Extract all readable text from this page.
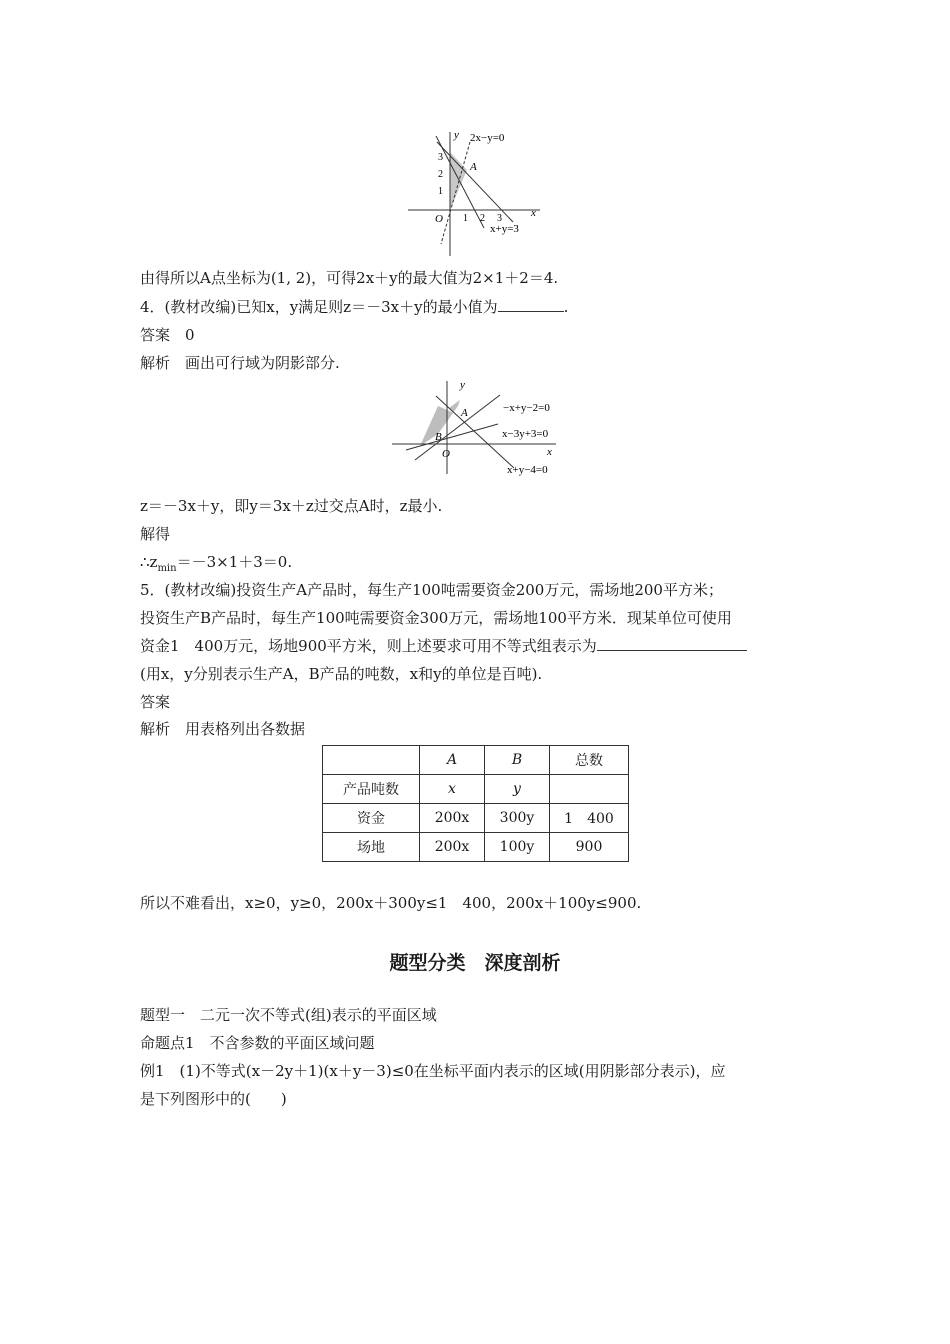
y
x
O
A
2x−y=0
x+y=3
1 2 3
1
2
3
由得所以A点坐标为(1, 2)，可得2x＋y的最大值为2×1＋2＝4.
4．(教材改编)已知x，y满足则z＝－3x＋y的最小值为	.
答案　0
解析　画出可行域为阴影部分.
y
x
O
A
B
−x+y−2=0
x−3y+3=0
x+y−4=0
z＝－3x＋y，即y＝3x＋z过交点A时，z最小.
解得
$\therefore z_{min}=-3\times 1+3=0$.
5．(教材改编)投资生产A产品时，每生产100吨需要资金200万元，需场地200平方米；
投资生产B产品时，每生产100吨需要资金300万元，需场地100平方米．现某单位可使用
资金1　400万元，场地900平方米，则上述要求可用不等式组表示为
(用x，y分别表示生产A，B产品的吨数，x和y的单位是百吨).
答案
解析　用表格列出各数据
	A	B	总数
产品吨数	x	y	
资金	200x	300y	1　400
场地	200x	100y	900
所以不难看出，x≥0，y≥0，200x＋300y≤1　400，200x＋100y≤900.
题型分类　深度剖析
题型一　二元一次不等式(组)表示的平面区域
命题点1　不含参数的平面区域问题
例1　(1)不等式(x－2y＋1)(x＋y－3)≤0在坐标平面内表示的区域(用阴影部分表示)，应
是下列图形中的(　　)
